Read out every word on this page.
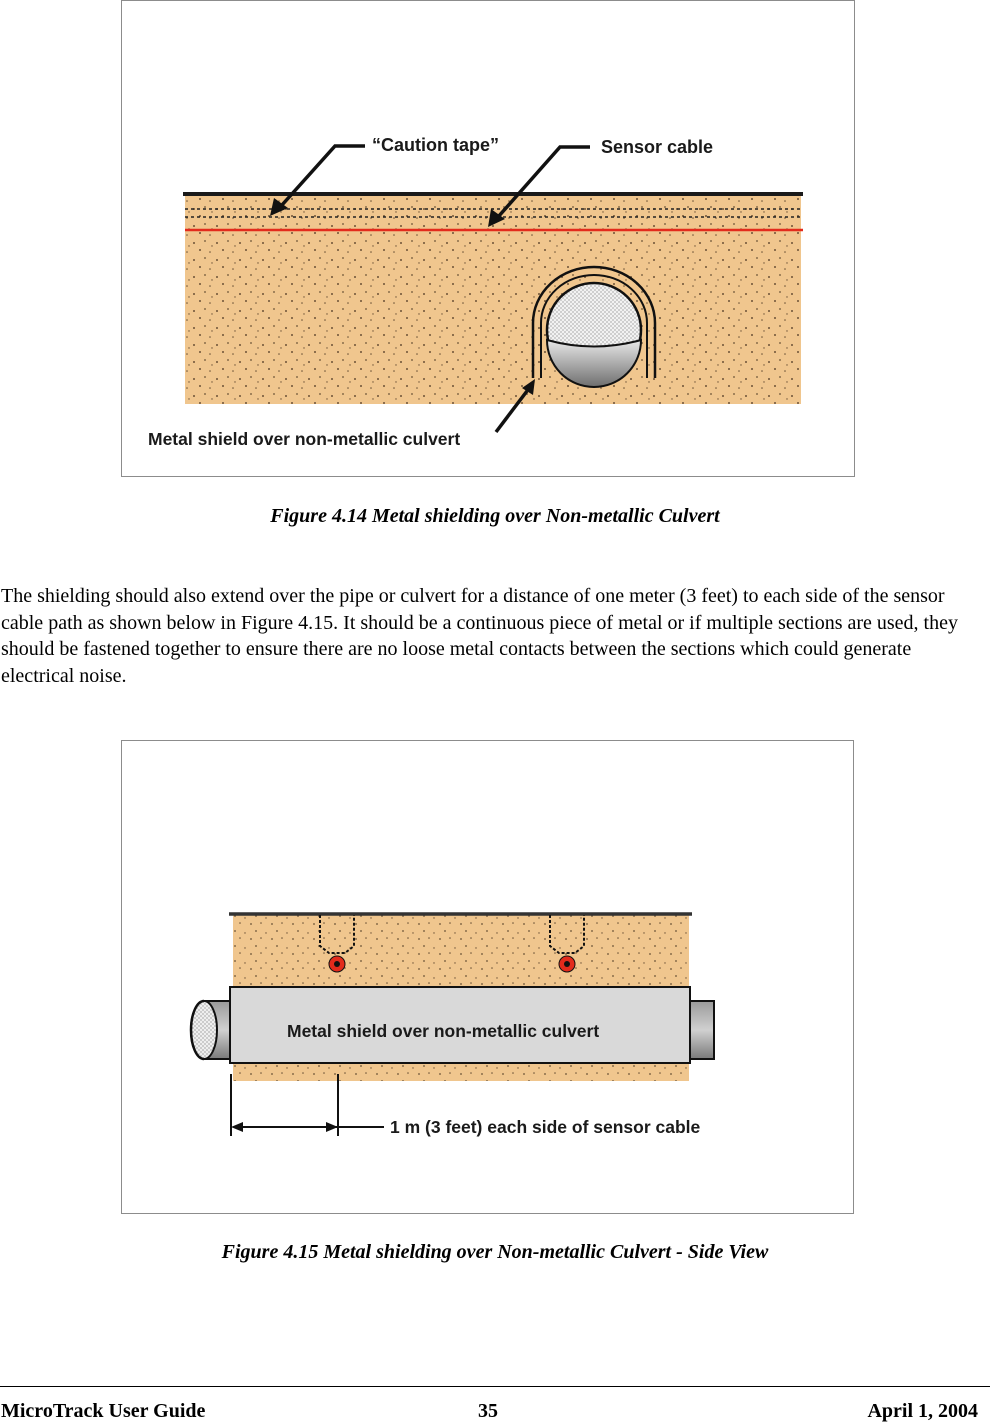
“Caution tape”	Sensor cable
Metal shield over non-metallic culvert
Figure 4.14 Metal shielding over Non-metallic Culvert
The shielding should also extend over the pipe or culvert for a distance of one meter (3 feet) to each side of the sensor cable path as shown below in Figure 4.15. It should be a continuous piece of metal or if multiple sections are used, they should be fastened together to ensure there are no loose metal contacts between the sections which could generate electrical noise.
Metal shield over non-metallic culvert
1 m (3 feet) each side of sensor cable
Figure 4.15 Metal shielding over Non-metallic Culvert - Side View
MicroTrack User Guide	35	April 1, 2004
